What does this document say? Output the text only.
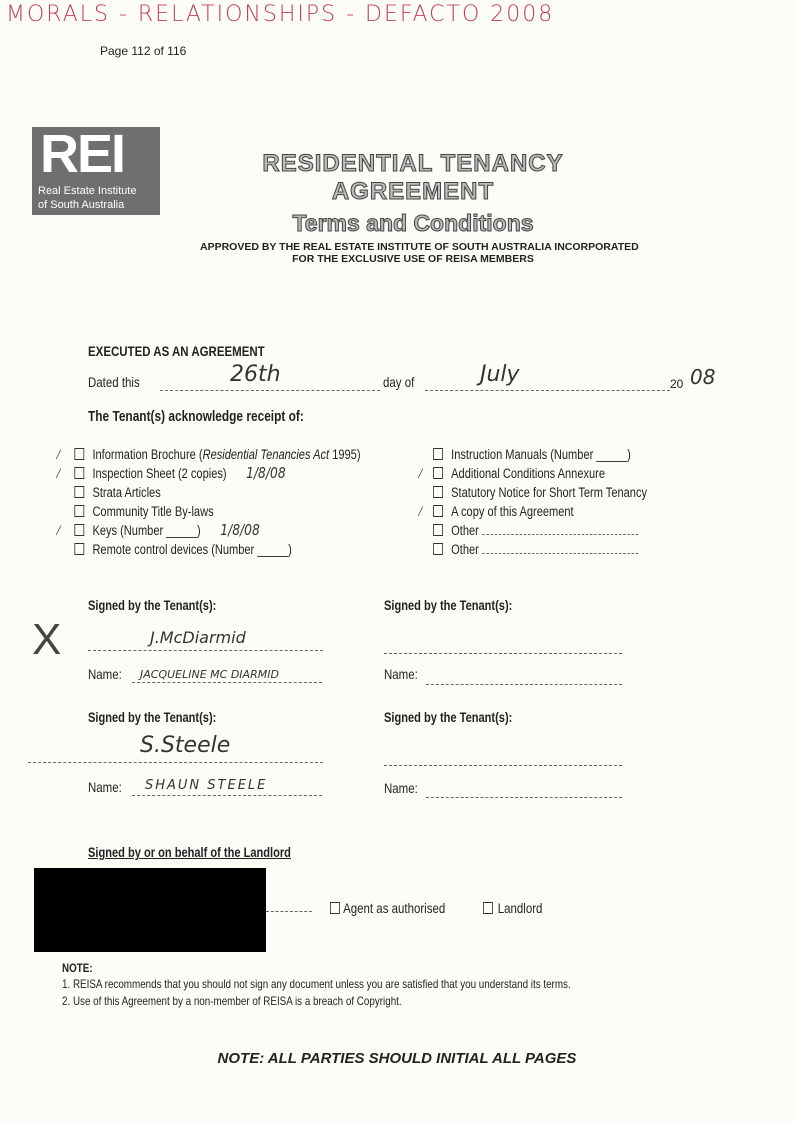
MORALS - RELATIONSHIPS - DEFACTO 2008
Page 112 of 116
REI
Real Estate Institute
of South Australia
RESIDENTIAL TENANCY
AGREEMENT
Terms and Conditions
APPROVED BY THE REAL ESTATE INSTITUTE OF SOUTH AUSTRALIA INCORPORATED
FOR THE EXCLUSIVE USE OF REISA MEMBERS
EXECUTED AS AN AGREEMENT
Dated this	26th	day of	July	20 08
The Tenant(s) acknowledge receipt of:
⁄ Information Brochure (Residential Tenancies Act 1995)
⁄ Inspection Sheet (2 copies) 1/8/08
Strata Articles
Community Title By-laws
⁄ Keys (Number _____) 1/8/08
Remote control devices (Number _____)
Instruction Manuals (Number _____)
⁄ Additional Conditions Annexure
Statutory Notice for Short Term Tenancy
⁄ A copy of this Agreement
Other
Other
Signed by the Tenant(s):
J.McDiarmid
X
Name: JACQUELINE MC DIARMID
Signed by the Tenant(s):
Name:
Signed by the Tenant(s):
S.Steele
Name: SHAUN STEELE
Signed by the Tenant(s):
Name:
Signed by or on behalf of the Landlord
Agent as authorised	Landlord
NOTE:
1. REISA recommends that you should not sign any document unless you are satisfied that you understand its terms.
2. Use of this Agreement by a non-member of REISA is a breach of Copyright.
NOTE: ALL PARTIES SHOULD INITIAL ALL PAGES
